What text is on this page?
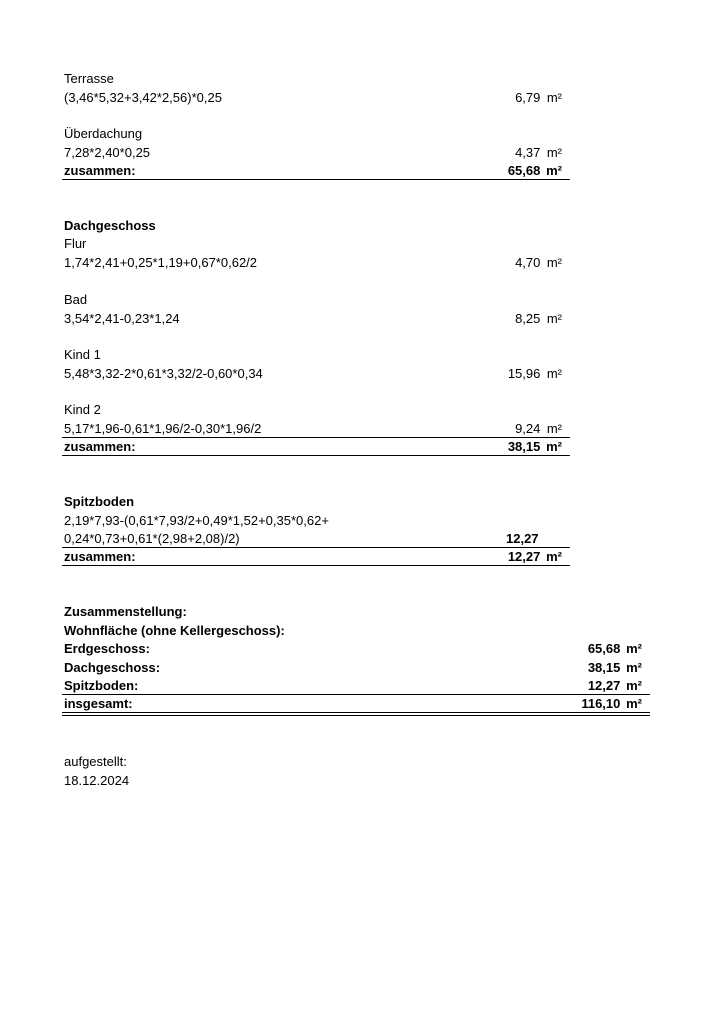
Terrasse
(3,46*5,32+3,42*2,56)*0,25	6,79 m²
Überdachung
7,28*2,40*0,25	4,37 m²
zusammen:	65,68 m²
Dachgeschoss
Flur
1,74*2,41+0,25*1,19+0,67*0,62/2	4,70 m²
Bad
3,54*2,41-0,23*1,24	8,25 m²
Kind 1
5,48*3,32-2*0,61*3,32/2-0,60*0,34	15,96 m²
Kind 2
5,17*1,96-0,61*1,96/2-0,30*1,96/2	9,24 m²
zusammen:	38,15 m²
Spitzboden
2,19*7,93-(0,61*7,93/2+0,49*1,52+0,35*0,62+
0,24*0,73+0,61*(2,98+2,08)/2)	12,27
zusammen:	12,27 m²
Zusammenstellung:
Wohnfläche (ohne Kellergeschoss):
Erdgeschoss:	65,68 m²
Dachgeschoss:	38,15 m²
Spitzboden:	12,27 m²
insgesamt:	116,10 m²
aufgestellt:
18.12.2024
